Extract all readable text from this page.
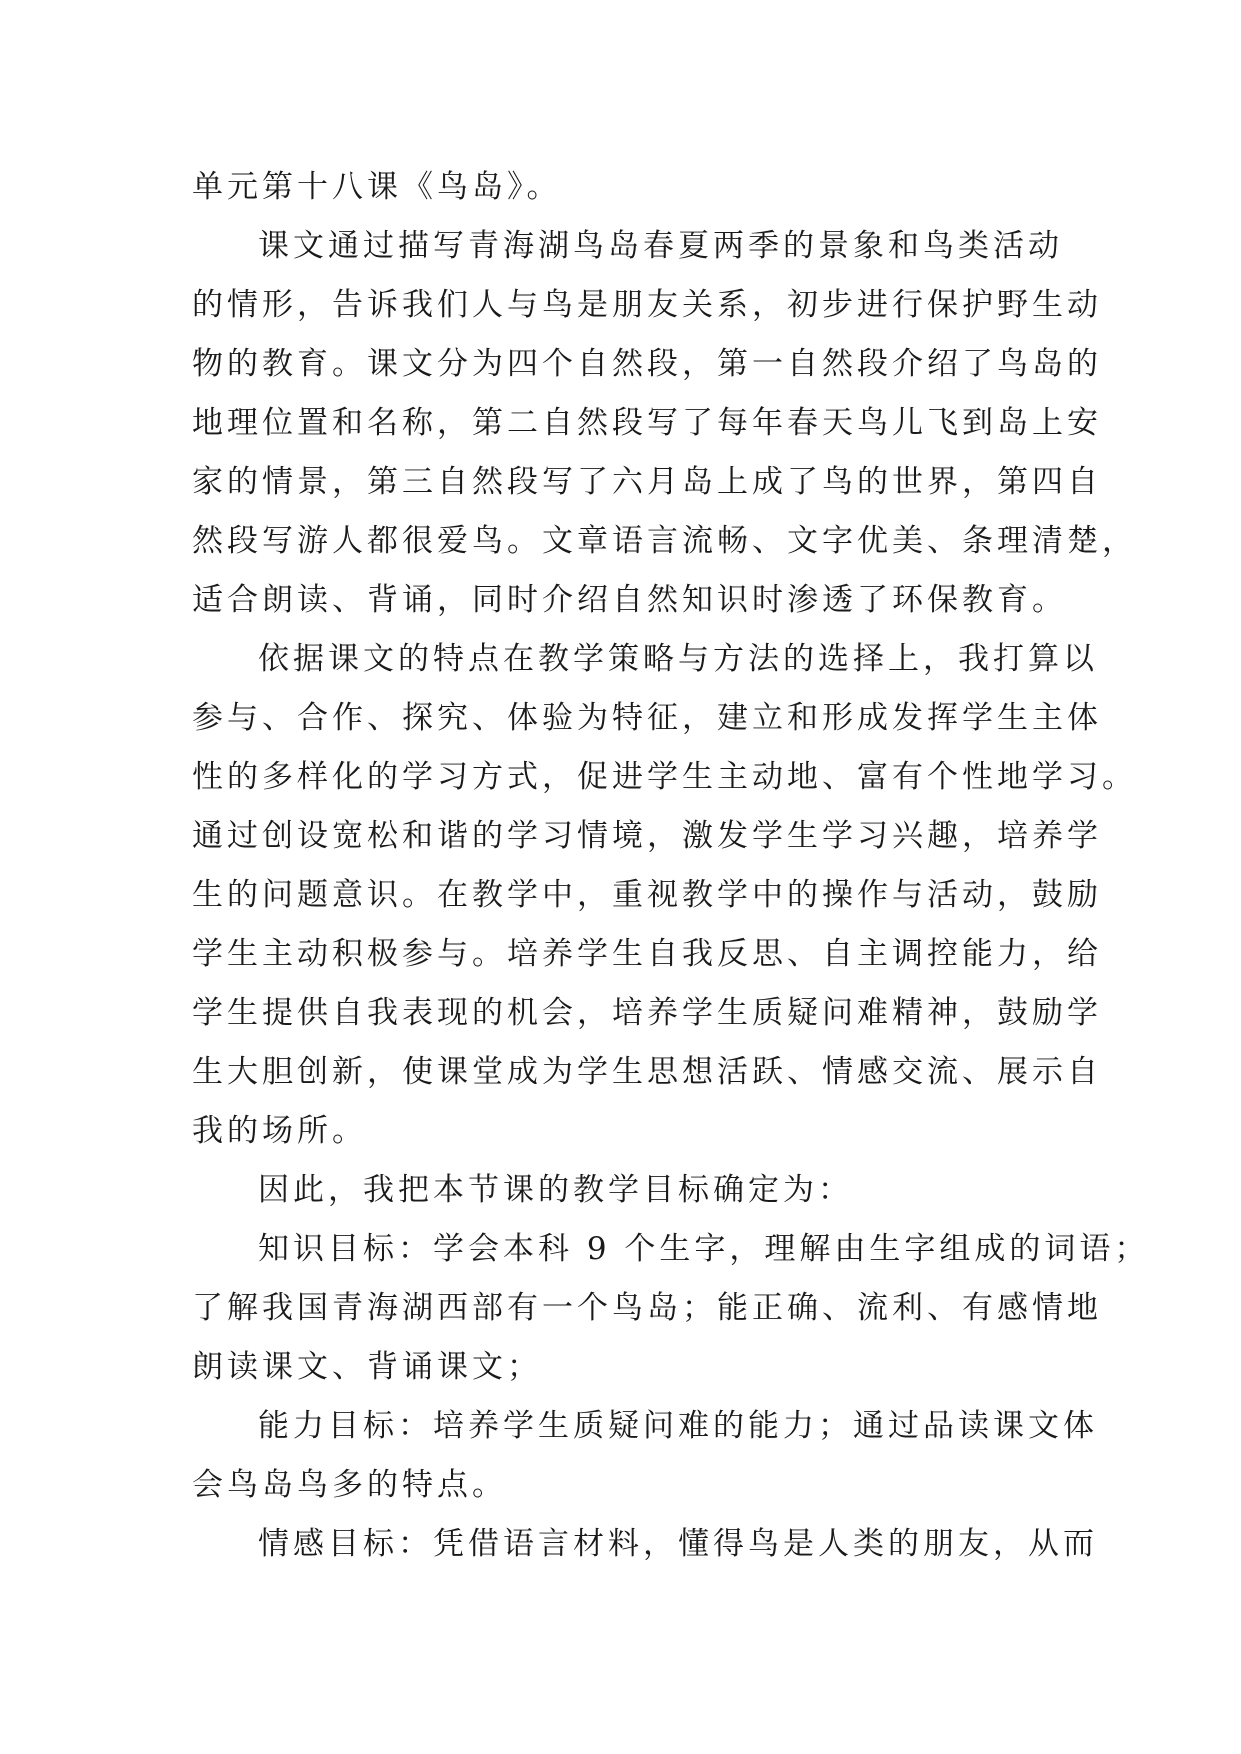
单元第十八课《鸟岛》。
课文通过描写青海湖鸟岛春夏两季的景象和鸟类活动
的情形，告诉我们人与鸟是朋友关系，初步进行保护野生动
物的教育。课文分为四个自然段，第一自然段介绍了鸟岛的
地理位置和名称，第二自然段写了每年春天鸟儿飞到岛上安
家的情景，第三自然段写了六月岛上成了鸟的世界，第四自
然段写游人都很爱鸟。文章语言流畅、文字优美、条理清楚，
适合朗读、背诵，同时介绍自然知识时渗透了环保教育。
依据课文的特点在教学策略与方法的选择上，我打算以
参与、合作、探究、体验为特征，建立和形成发挥学生主体
性的多样化的学习方式，促进学生主动地、富有个性地学习。
通过创设宽松和谐的学习情境，激发学生学习兴趣，培养学
生的问题意识。在教学中，重视教学中的操作与活动，鼓励
学生主动积极参与。培养学生自我反思、自主调控能力，给
学生提供自我表现的机会，培养学生质疑问难精神，鼓励学
生大胆创新，使课堂成为学生思想活跃、情感交流、展示自
我的场所。
因此，我把本节课的教学目标确定为：
知识目标：学会本科 9 个生字，理解由生字组成的词语；
了解我国青海湖西部有一个鸟岛；能正确、流利、有感情地
朗读课文、背诵课文；
能力目标：培养学生质疑问难的能力；通过品读课文体
会鸟岛鸟多的特点。
情感目标：凭借语言材料，懂得鸟是人类的朋友，从而
